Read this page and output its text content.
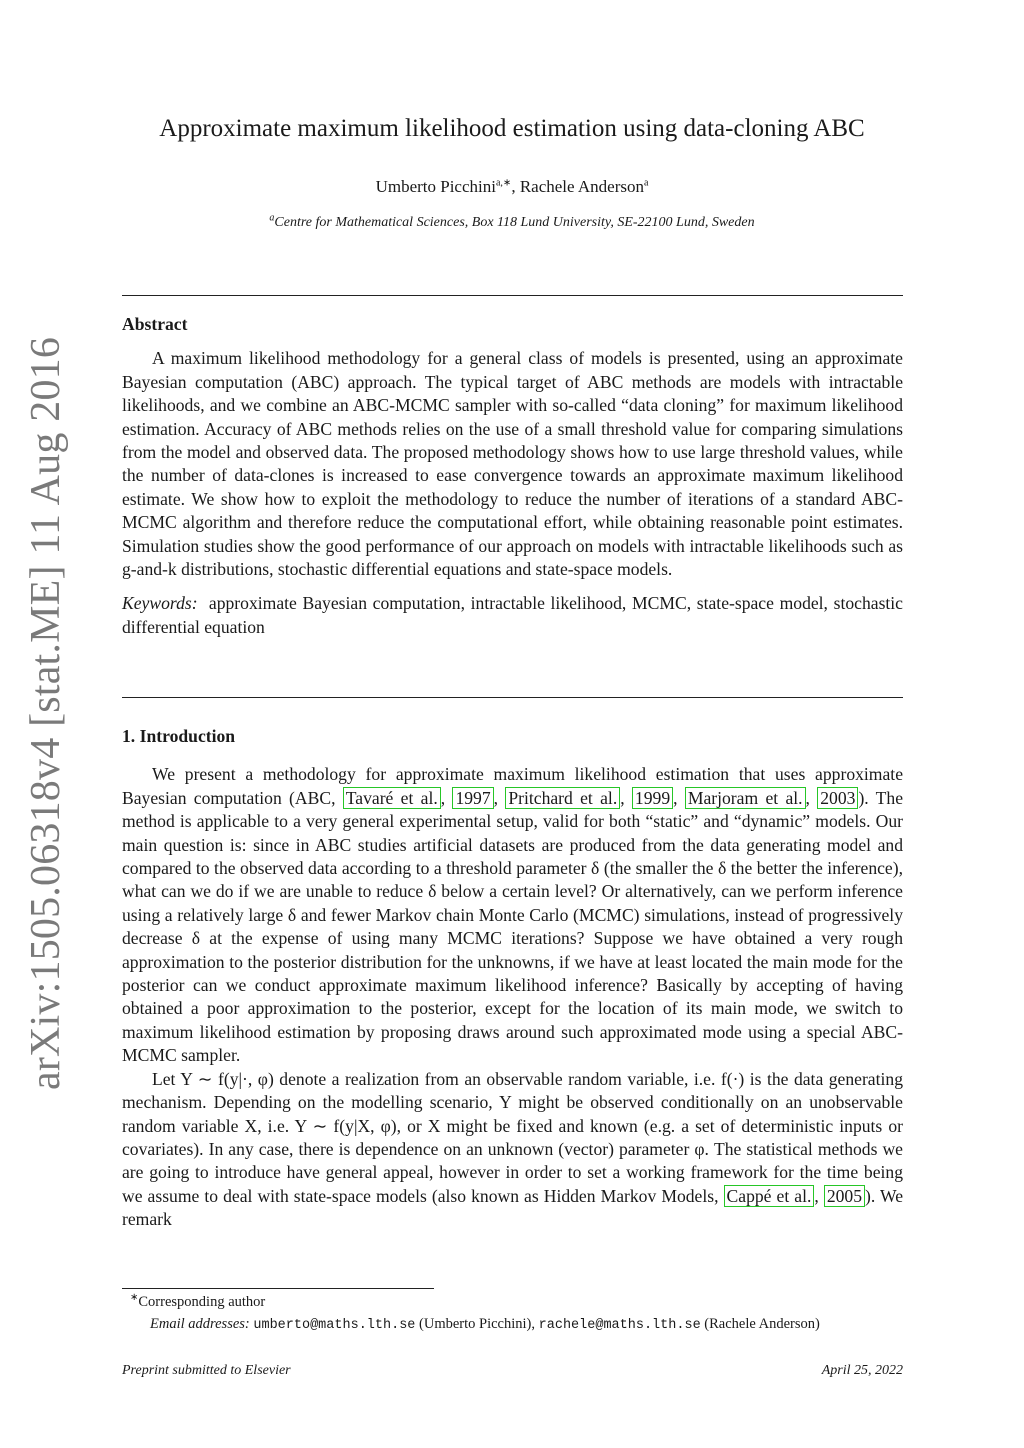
arXiv:1505.06318v4 [stat.ME] 11 Aug 2016
Approximate maximum likelihood estimation using data-cloning ABC
Umberto Picchini$^{a,∗}$, Rachele Anderson$^a$
$^a$Centre for Mathematical Sciences, Box 118 Lund University, SE-22100 Lund, Sweden
Abstract

A maximum likelihood methodology for a general class of models is presented, using an approximate Bayesian computation (ABC) approach. The typical target of ABC methods are models with intractable likelihoods, and we combine an ABC-MCMC sampler with so-called “data cloning” for maximum likelihood estimation. Accuracy of ABC methods relies on the use of a small threshold value for comparing simulations from the model and observed data. The proposed methodology shows how to use large threshold values, while the number of data-clones is increased to ease convergence towards an approximate maximum likelihood estimate. We show how to exploit the methodology to reduce the number of iterations of a standard ABC-MCMC algorithm and therefore reduce the computational effort, while obtaining reasonable point estimates. Simulation studies show the good performance of our approach on models with intractable likelihoods such as g-and-k distributions, stochastic differential equations and state-space models.

Keywords: approximate Bayesian computation, intractable likelihood, MCMC, state-space model, stochastic differential equation
1. Introduction

We present a methodology for approximate maximum likelihood estimation that uses approximate Bayesian computation (ABC, Tavaré et al. , 1997 , Pritchard et al. , 1999 , Marjoram et al. , 2003 ). The method is applicable to a very general experimental setup, valid for both “static” and “dynamic” models. Our main question is: since in ABC studies artificial datasets are produced from the data generating model and compared to the observed data according to a threshold parameter δ (the smaller the δ the better the inference), what can we do if we are unable to reduce δ below a certain level? Or alternatively, can we perform inference using a relatively large δ and fewer Markov chain Monte Carlo (MCMC) simulations, instead of progressively decrease δ at the expense of using many MCMC iterations? Suppose we have obtained a very rough approximation to the posterior distribution for the unknowns, if we have at least located the main mode for the posterior can we conduct approximate maximum likelihood inference? Basically by accepting of having obtained a poor approximation to the posterior, except for the location of its main mode, we switch to maximum likelihood estimation by proposing draws around such approximated mode using a special ABC-MCMC sampler.

Let Y ∼ f(y|·, φ) denote a realization from an observable random variable, i.e. f(·) is the data generating mechanism. Depending on the modelling scenario, Y might be observed conditionally on an unobservable random variable X, i.e. Y ∼ f(y|X, φ), or X might be fixed and known (e.g. a set of deterministic inputs or covariates). In any case, there is dependence on an unknown (vector) parameter φ. The statistical methods we are going to introduce have general appeal, however in order to set a working framework for the time being we assume to deal with state-space models (also known as Hidden Markov Models, Cappé et al. , 2005 ). We remark

∗Corresponding author
Email addresses: umberto@maths.lth.se (Umberto Picchini), rachele@maths.lth.se (Rachele Anderson)
Preprint submitted to Elsevier	April 25, 2022
